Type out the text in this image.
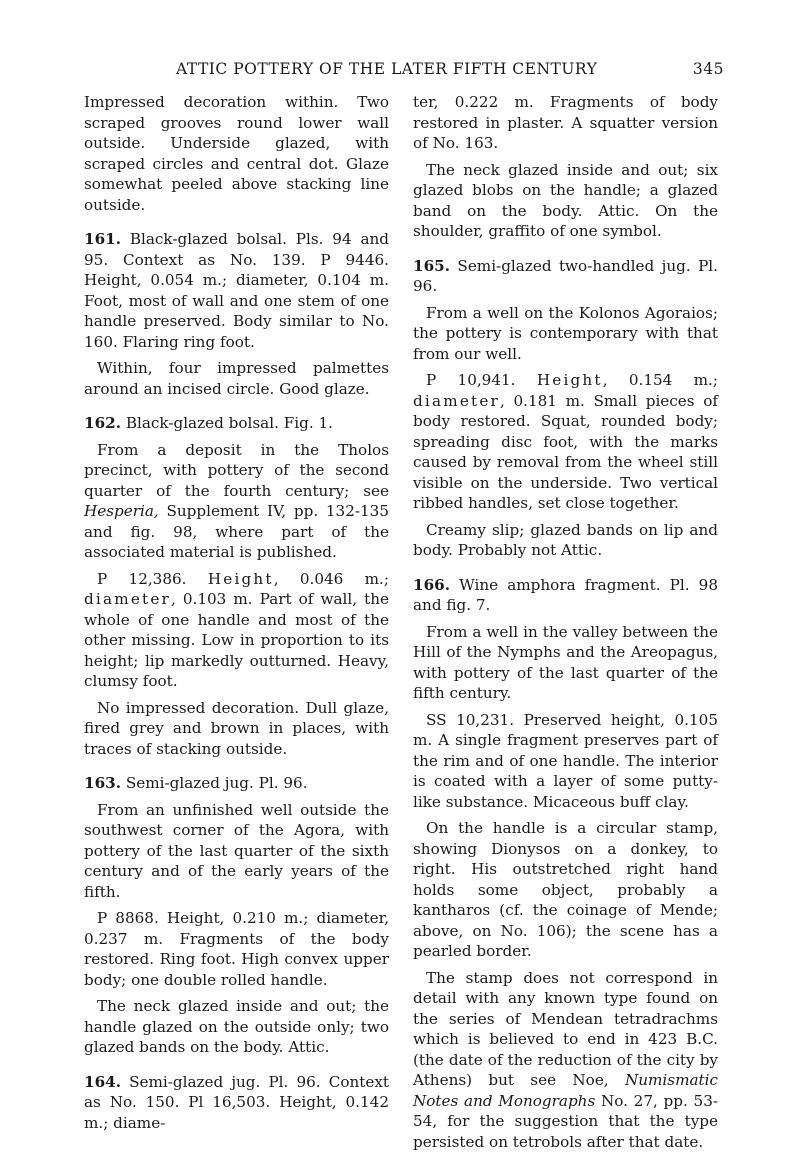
ATTIC POTTERY OF THE LATER FIFTH CENTURY	345

Impressed decoration within. Two scraped grooves round lower wall outside. Underside glazed, with scraped circles and central dot. Glaze somewhat peeled above stacking line outside.

161. Black-glazed bolsal. Pls. 94 and 95. Context as No. 139. P 9446. Height, 0.054 m.; diameter, 0.104 m. Foot, most of wall and one stem of one handle preserved. Body similar to No. 160. Flaring ring foot.

Within, four impressed palmettes around an incised circle. Good glaze.

162. Black-glazed bolsal. Fig. 1.

From a deposit in the Tholos precinct, with pottery of the second quarter of the fourth century; see Hesperia, Supplement IV, pp. 132-135 and fig. 98, where part of the associated material is published.

P 12,386. Height, 0.046 m.; diameter, 0.103 m. Part of wall, the whole of one handle and most of the other missing. Low in proportion to its height; lip markedly outturned. Heavy, clumsy foot.

No impressed decoration. Dull glaze, fired grey and brown in places, with traces of stacking outside.

163. Semi-glazed jug. Pl. 96.

From an unfinished well outside the southwest corner of the Agora, with pottery of the last quarter of the sixth century and of the early years of the fifth.

P 8868. Height, 0.210 m.; diameter, 0.237 m. Fragments of the body restored. Ring foot. High convex upper body; one double rolled handle.

The neck glazed inside and out; the handle glazed on the outside only; two glazed bands on the body. Attic.

164. Semi-glazed jug. Pl. 96. Context as No. 150. Pl 16,503. Height, 0.142 m.; diame-

ter, 0.222 m. Fragments of body restored in plaster. A squatter version of No. 163.

The neck glazed inside and out; six glazed blobs on the handle; a glazed band on the body. Attic. On the shoulder, graffito of one symbol.

165. Semi-glazed two-handled jug. Pl. 96.

From a well on the Kolonos Agoraios; the pottery is contemporary with that from our well.

P 10,941. Height, 0.154 m.; diameter, 0.181 m. Small pieces of body restored. Squat, rounded body; spreading disc foot, with the marks caused by removal from the wheel still visible on the underside. Two vertical ribbed handles, set close together.

Creamy slip; glazed bands on lip and body. Probably not Attic.

166. Wine amphora fragment. Pl. 98 and fig. 7.

From a well in the valley between the Hill of the Nymphs and the Areopagus, with pottery of the last quarter of the fifth century.

SS 10,231. Preserved height, 0.105 m. A single fragment preserves part of the rim and of one handle. The interior is coated with a layer of some putty-like substance. Micaceous buff clay.

On the handle is a circular stamp, showing Dionysos on a donkey, to right. His outstretched right hand holds some object, probably a kantharos (cf. the coinage of Mende; above, on No. 106); the scene has a pearled border.

The stamp does not correspond in detail with any known type found on the series of Mendean tetradrachms which is believed to end in 423 B.C. (the date of the reduction of the city by Athens) but see Noe, Numismatic Notes and Monographs No. 27, pp. 53-54, for the suggestion that the type persisted on tetrobols after that date.
